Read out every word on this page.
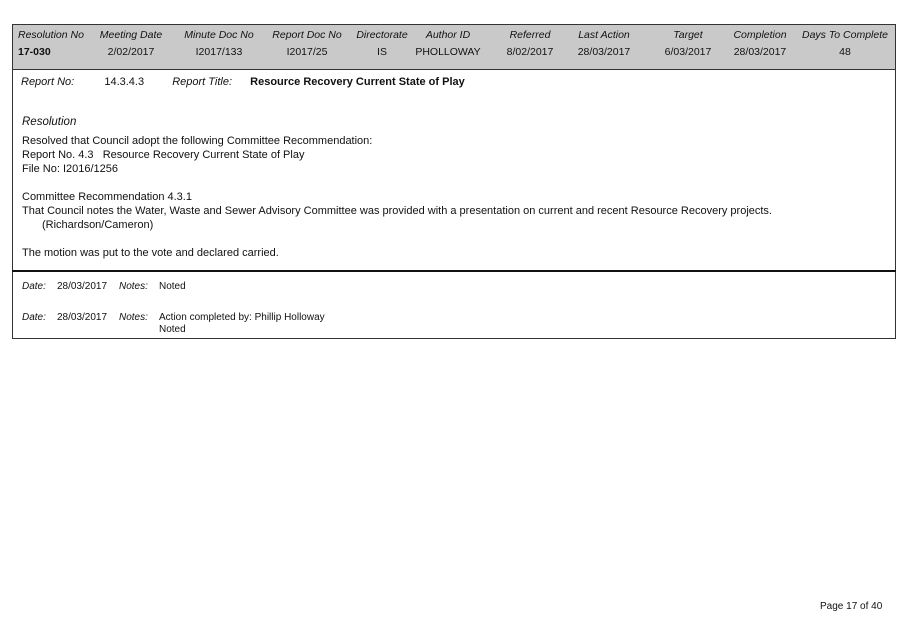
Resolution No	Meeting Date	Minute Doc No	Report Doc No	Directorate	Author ID	Referred	Last Action	Target	Completion	Days To Complete
17-030	2/02/2017	I2017/133	I2017/25	IS	PHOLLOWAY	8/02/2017	28/03/2017	6/03/2017	28/03/2017	48
Report No:	14.3.4.3	Report Title: Resource Recovery Current State of Play
Resolution
Resolved that Council adopt the following Committee Recommendation:
Report No. 4.3   Resource Recovery Current State of Play
File No: I2016/1256
Committee Recommendation 4.3.1
That Council notes the Water, Waste and Sewer Advisory Committee was provided with a presentation on current and recent Resource Recovery projects.
(Richardson/Cameron)
The motion was put to the vote and declared carried.
Date: 28/03/2017 Notes: Noted
Date: 28/03/2017 Notes: Action completed by: Phillip Holloway
Noted
Page 17 of 40
